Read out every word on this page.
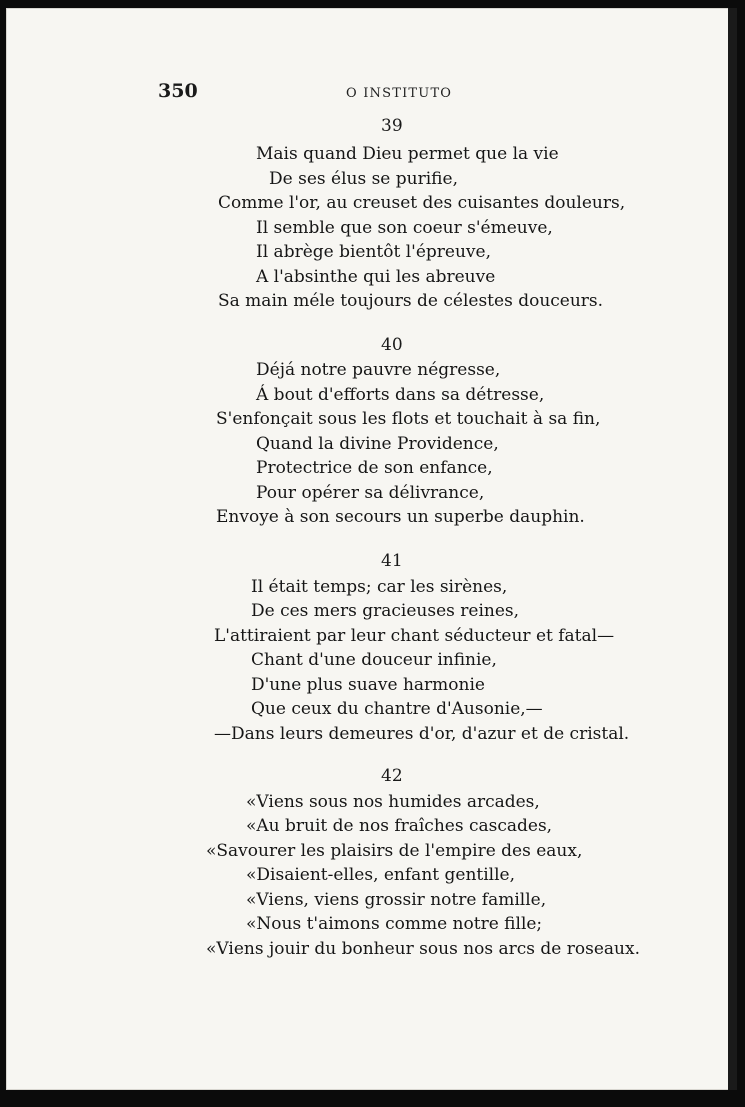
350	O INSTITUTO
39
Mais quand Dieu permet que la vie
De ses élus se purifie,
Comme l'or, au creuset des cuisantes douleurs,
Il semble que son coeur s'émeuve,
Il abrège bientôt l'épreuve,
A l'absinthe qui les abreuve
Sa main méle toujours de célestes douceurs.
40
Déjá notre pauvre négresse,
Á bout d'efforts dans sa détresse,
S'enfonçait sous les flots et touchait à sa fin,
Quand la divine Providence,
Protectrice de son enfance,
Pour opérer sa délivrance,
Envoye à son secours un superbe dauphin.
41
Il était temps; car les sirènes,
De ces mers gracieuses reines,
L'attiraient par leur chant séducteur et fatal—
Chant d'une douceur infinie,
D'une plus suave harmonie
Que ceux du chantre d'Ausonie,—
—Dans leurs demeures d'or, d'azur et de cristal.
42
«Viens sous nos humides arcades,
«Au bruit de nos fraîches cascades,
«Savourer les plaisirs de l'empire des eaux,
«Disaient-elles, enfant gentille,
«Viens, viens grossir notre famille,
«Nous t'aimons comme notre fille;
«Viens jouir du bonheur sous nos arcs de roseaux.
